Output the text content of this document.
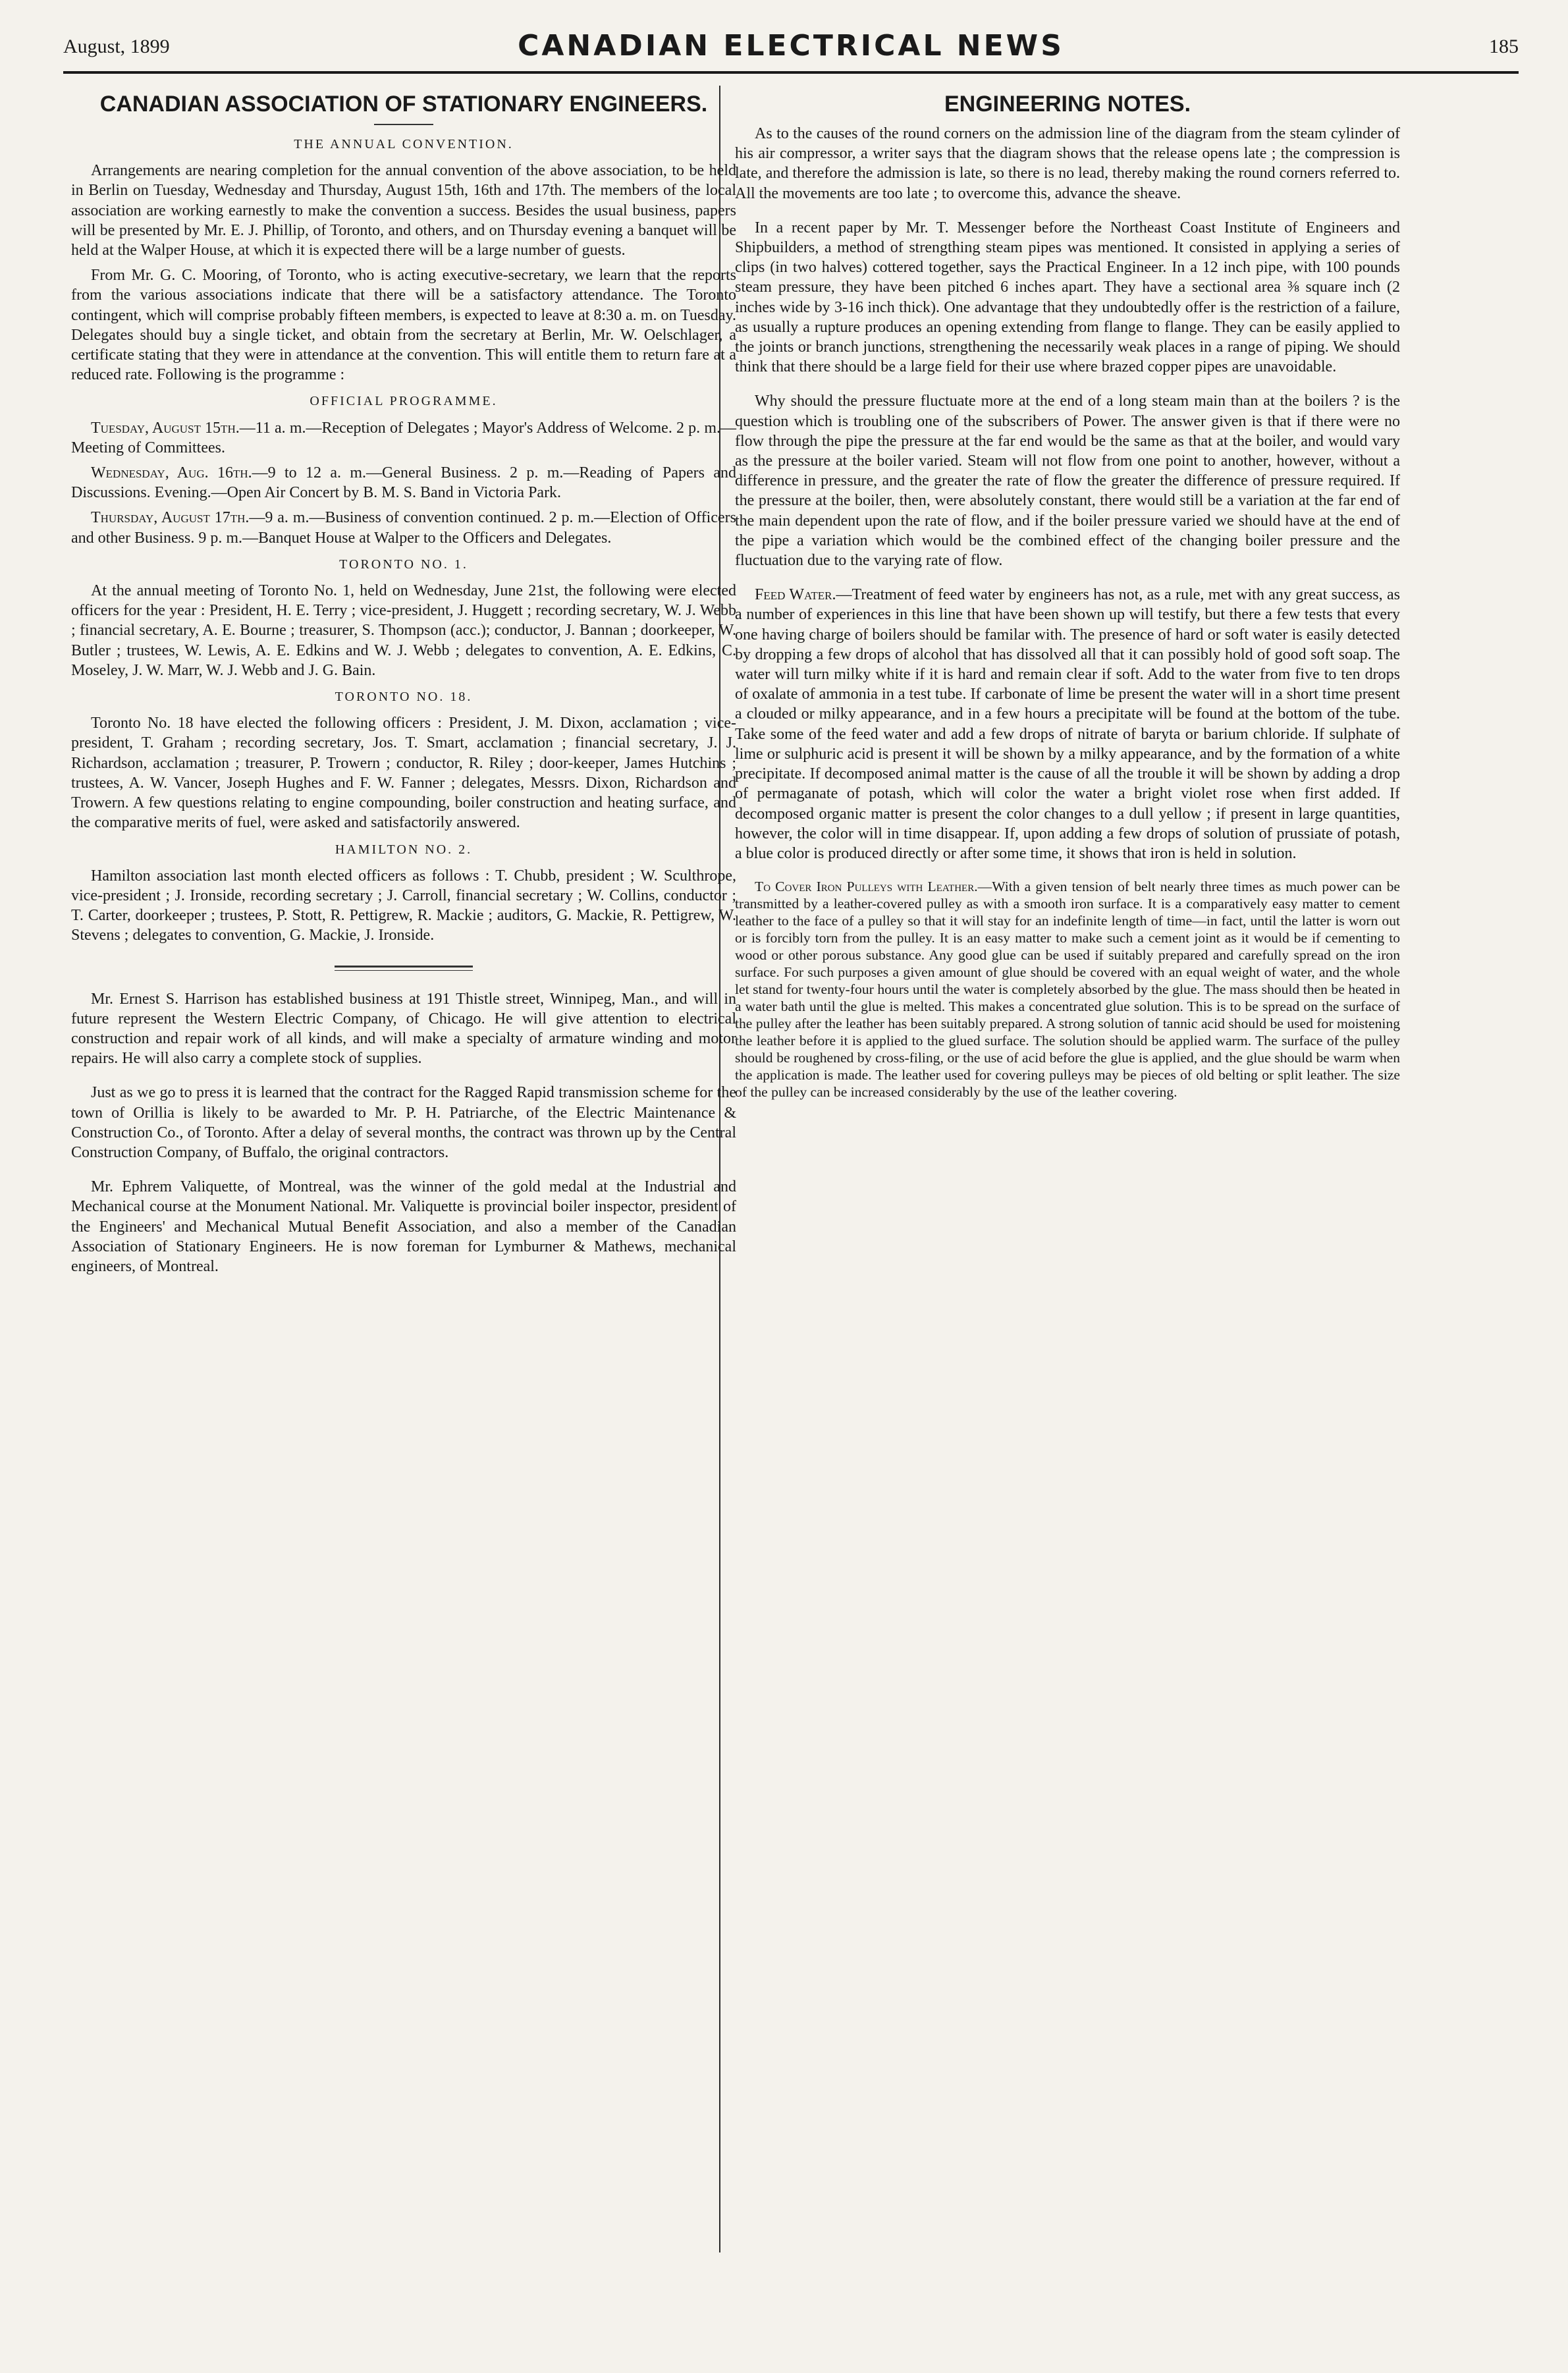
August, 1899	CANADIAN ELECTRICAL NEWS	185
CANADIAN ASSOCIATION OF STATIONARY ENGINEERS.
THE ANNUAL CONVENTION.

Arrangements are nearing completion for the annual convention of the above association, to be held in Berlin on Tuesday, Wednesday and Thursday, August 15th, 16th and 17th. The members of the local association are working earnestly to make the convention a success. Besides the usual business, papers will be presented by Mr. E. J. Phillip, of Toronto, and others, and on Thursday evening a banquet will be held at the Walper House, at which it is expected there will be a large number of guests.

From Mr. G. C. Mooring, of Toronto, who is acting executive-secretary, we learn that the reports from the various associations indicate that there will be a satisfactory attendance. The Toronto contingent, which will comprise probably fifteen members, is expected to leave at 8:30 a. m. on Tuesday. Delegates should buy a single ticket, and obtain from the secretary at Berlin, Mr. W. Oelschlager, a certificate stating that they were in attendance at the convention. This will entitle them to return fare at a reduced rate. Following is the programme :

OFFICIAL PROGRAMME.

Tuesday, August 15th.—11 a. m.—Reception of Delegates ; Mayor's Address of Welcome. 2 p. m.—Meeting of Committees.

Wednesday, Aug. 16th.—9 to 12 a. m.—General Business. 2 p. m.—Reading of Papers and Discussions. Evening.—Open Air Concert by B. M. S. Band in Victoria Park.

Thursday, August 17th.—9 a. m.—Business of convention continued. 2 p. m.—Election of Officers and other Business. 9 p. m.—Banquet House at Walper to the Officers and Delegates.

TORONTO NO. 1.

At the annual meeting of Toronto No. 1, held on Wednesday, June 21st, the following were elected officers for the year : President, H. E. Terry ; vice-president, J. Huggett ; recording secretary, W. J. Webb ; financial secretary, A. E. Bourne ; treasurer, S. Thompson (acc.); conductor, J. Bannan ; doorkeeper, W. Butler ; trustees, W. Lewis, A. E. Edkins and W. J. Webb ; delegates to convention, A. E. Edkins, C. Moseley, J. W. Marr, W. J. Webb and J. G. Bain.

TORONTO NO. 18.

Toronto No. 18 have elected the following officers : President, J. M. Dixon, acclamation ; vice-president, T. Graham ; recording secretary, Jos. T. Smart, acclamation ; financial secretary, J. J. Richardson, acclamation ; treasurer, P. Trowern ; conductor, R. Riley ; door-keeper, James Hutchins ; trustees, A. W. Vancer, Joseph Hughes and F. W. Fanner ; delegates, Messrs. Dixon, Richardson and Trowern. A few questions relating to engine compounding, boiler construction and heating surface, and the comparative merits of fuel, were asked and satisfactorily answered.

HAMILTON NO. 2.

Hamilton association last month elected officers as follows : T. Chubb, president ; W. Sculthrope, vice-president ; J. Ironside, recording secretary ; J. Carroll, financial secretary ; W. Collins, conductor ; T. Carter, doorkeeper ; trustees, P. Stott, R. Pettigrew, R. Mackie ; auditors, G. Mackie, R. Pettigrew, W. Stevens ; delegates to convention, G. Mackie, J. Ironside.

Mr. Ernest S. Harrison has established business at 191 Thistle street, Winnipeg, Man., and will in future represent the Western Electric Company, of Chicago. He will give attention to electrical construction and repair work of all kinds, and will make a specialty of armature winding and motor repairs. He will also carry a complete stock of supplies.

Just as we go to press it is learned that the contract for the Ragged Rapid transmission scheme for the town of Orillia is likely to be awarded to Mr. P. H. Patriarche, of the Electric Maintenance & Construction Co., of Toronto. After a delay of several months, the contract was thrown up by the Central Construction Company, of Buffalo, the original contractors.

Mr. Ephrem Valiquette, of Montreal, was the winner of the gold medal at the Industrial and Mechanical course at the Monument National. Mr. Valiquette is provincial boiler inspector, president of the Engineers' and Mechanical Mutual Benefit Association, and also a member of the Canadian Association of Stationary Engineers. He is now foreman for Lymburner & Mathews, mechanical engineers, of Montreal.

ENGINEERING NOTES.

As to the causes of the round corners on the admission line of the diagram from the steam cylinder of his air compressor, a writer says that the diagram shows that the release opens late ; the compression is late, and therefore the admission is late, so there is no lead, thereby making the round corners referred to. All the movements are too late ; to overcome this, advance the sheave.

In a recent paper by Mr. T. Messenger before the Northeast Coast Institute of Engineers and Shipbuilders, a method of strengthing steam pipes was mentioned. It consisted in applying a series of clips (in two halves) cottered together, says the Practical Engineer. In a 12 inch pipe, with 100 pounds steam pressure, they have been pitched 6 inches apart. They have a sectional area ⅜ square inch (2 inches wide by 3-16 inch thick). One advantage that they undoubtedly offer is the restriction of a failure, as usually a rupture produces an opening extending from flange to flange. They can be easily applied to the joints or branch junctions, strengthening the necessarily weak places in a range of piping. We should think that there should be a large field for their use where brazed copper pipes are unavoidable.

Why should the pressure fluctuate more at the end of a long steam main than at the boilers ? is the question which is troubling one of the subscribers of Power. The answer given is that if there were no flow through the pipe the pressure at the far end would be the same as that at the boiler, and would vary as the pressure at the boiler varied. Steam will not flow from one point to another, however, without a difference in pressure, and the greater the rate of flow the greater the difference of pressure required. If the pressure at the boiler, then, were absolutely constant, there would still be a variation at the far end of the main dependent upon the rate of flow, and if the boiler pressure varied we should have at the end of the pipe a variation which would be the combined effect of the changing boiler pressure and the fluctuation due to the varying rate of flow.

Feed Water.—Treatment of feed water by engineers has not, as a rule, met with any great success, as a number of experiences in this line that have been shown up will testify, but there a few tests that every one having charge of boilers should be familar with. The presence of hard or soft water is easily detected by dropping a few drops of alcohol that has dissolved all that it can possibly hold of good soft soap. The water will turn milky white if it is hard and remain clear if soft. Add to the water from five to ten drops of oxalate of ammonia in a test tube. If carbonate of lime be present the water will in a short time present a clouded or milky appearance, and in a few hours a precipitate will be found at the bottom of the tube. Take some of the feed water and add a few drops of nitrate of baryta or barium chloride. If sulphate of lime or sulphuric acid is present it will be shown by a milky appearance, and by the formation of a white precipitate. If decomposed animal matter is the cause of all the trouble it will be shown by adding a drop of permaganate of potash, which will color the water a bright violet rose when first added. If decomposed organic matter is present the color changes to a dull yellow ; if present in large quantities, however, the color will in time disappear. If, upon adding a few drops of solution of prussiate of potash, a blue color is produced directly or after some time, it shows that iron is held in solution.

To Cover Iron Pulleys with Leather.—With a given tension of belt nearly three times as much power can be transmitted by a leather-covered pulley as with a smooth iron surface. It is a comparatively easy matter to cement leather to the face of a pulley so that it will stay for an indefinite length of time—in fact, until the latter is worn out or is forcibly torn from the pulley. It is an easy matter to make such a cement joint as it would be if cementing to wood or other porous substance. Any good glue can be used if suitably prepared and carefully spread on the iron surface. For such purposes a given amount of glue should be covered with an equal weight of water, and the whole let stand for twenty-four hours until the water is completely absorbed by the glue. The mass should then be heated in a water bath until the glue is melted. This makes a concentrated glue solution. This is to be spread on the surface of the pulley after the leather has been suitably prepared. A strong solution of tannic acid should be used for moistening the leather before it is applied to the glued surface. The solution should be applied warm. The surface of the pulley should be roughened by cross-filing, or the use of acid before the glue is applied, and the glue should be warm when the application is made. The leather used for covering pulleys may be pieces of old belting or split leather. The size of the pulley can be increased considerably by the use of the leather covering.
